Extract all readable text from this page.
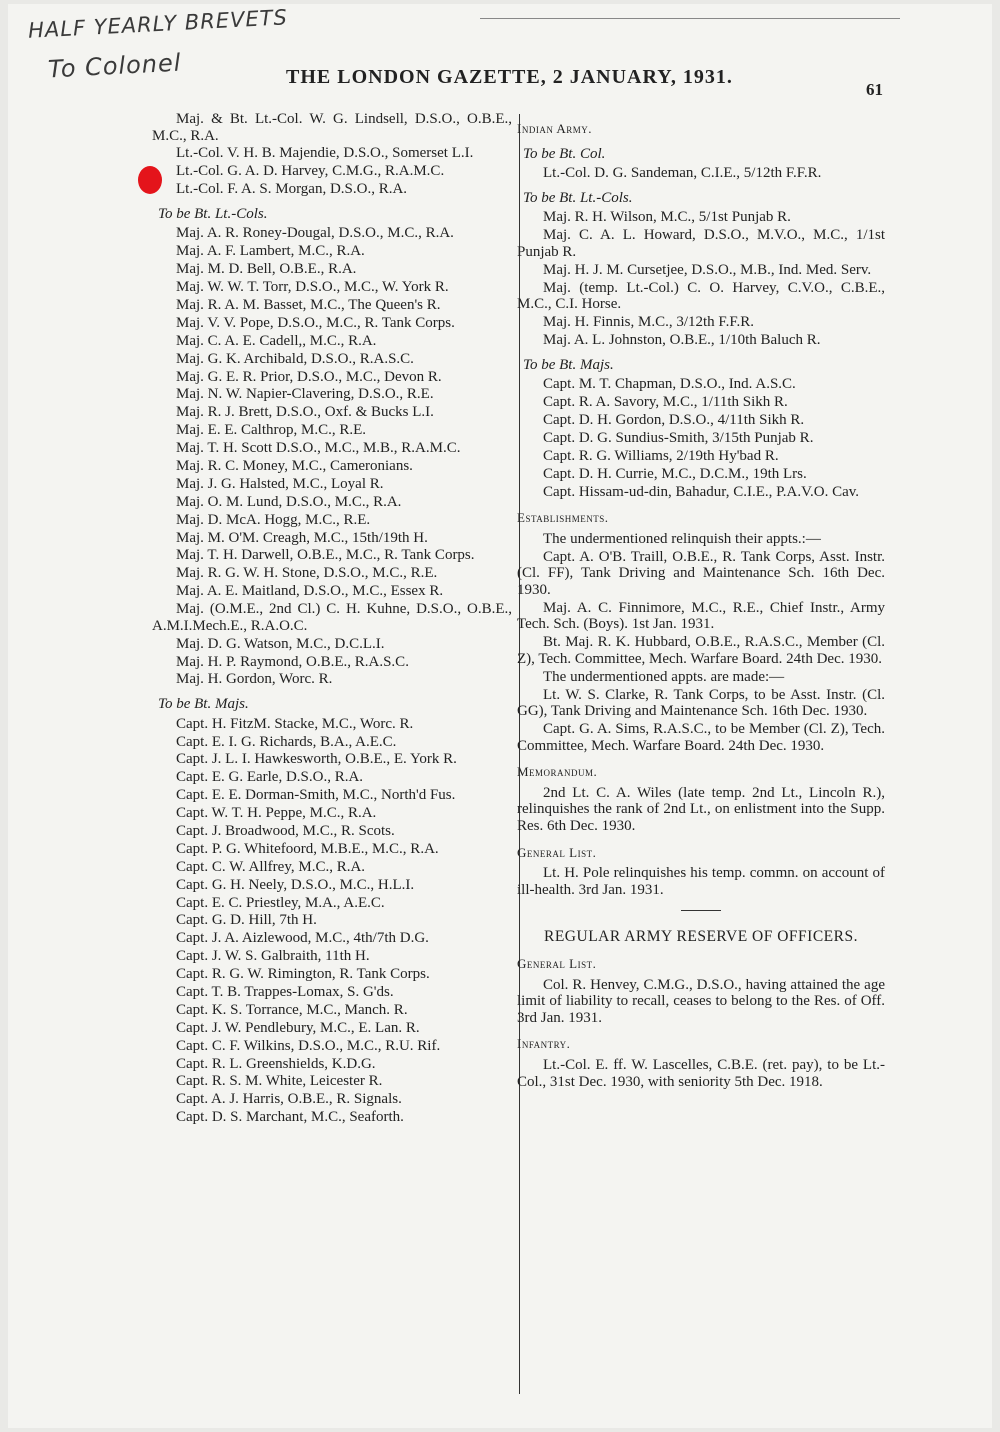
HALF YEARLY BREVETS
To Colonel	THE LONDON GAZETTE, 2 JANUARY, 1931.
61

Maj. & Bt. Lt.-Col. W. G. Lindsell, D.S.O., O.B.E., M.C., R.A.

Lt.-Col. V. H. B. Majendie, D.S.O., Somerset L.I.

Lt.-Col. G. A. D. Harvey, C.M.G., R.A.M.C.

Lt.-Col. F. A. S. Morgan, D.S.O., R.A.

To be Bt. Lt.-Cols.

Maj. A. R. Roney-Dougal, D.S.O., M.C., R.A.

Maj. A. F. Lambert, M.C., R.A.

Maj. M. D. Bell, O.B.E., R.A.

Maj. W. W. T. Torr, D.S.O., M.C., W. York R.

Maj. R. A. M. Basset, M.C., The Queen's R.

Maj. V. V. Pope, D.S.O., M.C., R. Tank Corps.

Maj. C. A. E. Cadell,, M.C., R.A.

Maj. G. K. Archibald, D.S.O., R.A.S.C.

Maj. G. E. R. Prior, D.S.O., M.C., Devon R.

Maj. N. W. Napier-Clavering, D.S.O., R.E.

Maj. R. J. Brett, D.S.O., Oxf. & Bucks L.I.

Maj. E. E. Calthrop, M.C., R.E.

Maj. T. H. Scott D.S.O., M.C., M.B., R.A.M.C.

Maj. R. C. Money, M.C., Cameronians.

Maj. J. G. Halsted, M.C., Loyal R.

Maj. O. M. Lund, D.S.O., M.C., R.A.

Maj. D. McA. Hogg, M.C., R.E.

Maj. M. O'M. Creagh, M.C., 15th/19th H.

Maj. T. H. Darwell, O.B.E., M.C., R. Tank Corps.

Maj. R. G. W. H. Stone, D.S.O., M.C., R.E.

Maj. A. E. Maitland, D.S.O., M.C., Essex R.

Maj. (O.M.E., 2nd Cl.) C. H. Kuhne, D.S.O., O.B.E., A.M.I.Mech.E., R.A.O.C.

Maj. D. G. Watson, M.C., D.C.L.I.

Maj. H. P. Raymond, O.B.E., R.A.S.C.

Maj. H. Gordon, Worc. R.

To be Bt. Majs.

Capt. H. FitzM. Stacke, M.C., Worc. R.

Capt. E. I. G. Richards, B.A., A.E.C.

Capt. J. L. I. Hawkesworth, O.B.E., E. York R.

Capt. E. G. Earle, D.S.O., R.A.

Capt. E. E. Dorman-Smith, M.C., North'd Fus.

Capt. W. T. H. Peppe, M.C., R.A.

Capt. J. Broadwood, M.C., R. Scots.

Capt. P. G. Whitefoord, M.B.E., M.C., R.A.

Capt. C. W. Allfrey, M.C., R.A.

Capt. G. H. Neely, D.S.O., M.C., H.L.I.

Capt. E. C. Priestley, M.A., A.E.C.

Capt. G. D. Hill, 7th H.

Capt. J. A. Aizlewood, M.C., 4th/7th D.G.

Capt. J. W. S. Galbraith, 11th H.

Capt. R. G. W. Rimington, R. Tank Corps.

Capt. T. B. Trappes-Lomax, S. G'ds.

Capt. K. S. Torrance, M.C., Manch. R.

Capt. J. W. Pendlebury, M.C., E. Lan. R.

Capt. C. F. Wilkins, D.S.O., M.C., R.U. Rif.

Capt. R. L. Greenshields, K.D.G.

Capt. R. S. M. White, Leicester R.

Capt. A. J. Harris, O.B.E., R. Signals.

Capt. D. S. Marchant, M.C., Seaforth.

Indian Army.
To be Bt. Col.

Lt.-Col. D. G. Sandeman, C.I.E., 5/12th F.F.R.

To be Bt. Lt.-Cols.

Maj. R. H. Wilson, M.C., 5/1st Punjab R.

Maj. C. A. L. Howard, D.S.O., M.V.O., M.C., 1/1st Punjab R.

Maj. H. J. M. Cursetjee, D.S.O., M.B., Ind. Med. Serv.

Maj. (temp. Lt.-Col.) C. O. Harvey, C.V.O., C.B.E., M.C., C.I. Horse.

Maj. H. Finnis, M.C., 3/12th F.F.R.

Maj. A. L. Johnston, O.B.E., 1/10th Baluch R.

To be Bt. Majs.

Capt. M. T. Chapman, D.S.O., Ind. A.S.C.

Capt. R. A. Savory, M.C., 1/11th Sikh R.

Capt. D. H. Gordon, D.S.O., 4/11th Sikh R.

Capt. D. G. Sundius-Smith, 3/15th Punjab R.

Capt. R. G. Williams, 2/19th Hy'bad R.

Capt. D. H. Currie, M.C., D.C.M., 19th Lrs.

Capt. Hissam-ud-din, Bahadur, C.I.E., P.A.V.O. Cav.

Establishments.

The undermentioned relinquish their appts.:—

Capt. A. O'B. Traill, O.B.E., R. Tank Corps, Asst. Instr. (Cl. FF), Tank Driving and Maintenance Sch. 16th Dec. 1930.

Maj. A. C. Finnimore, M.C., R.E., Chief Instr., Army Tech. Sch. (Boys). 1st Jan. 1931.

Bt. Maj. R. K. Hubbard, O.B.E., R.A.S.C., Member (Cl. Z), Tech. Committee, Mech. Warfare Board. 24th Dec. 1930.

The undermentioned appts. are made:—

Lt. W. S. Clarke, R. Tank Corps, to be Asst. Instr. (Cl. GG), Tank Driving and Maintenance Sch. 16th Dec. 1930.

Capt. G. A. Sims, R.A.S.C., to be Member (Cl. Z), Tech. Committee, Mech. Warfare Board. 24th Dec. 1930.

Memorandum.

2nd Lt. C. A. Wiles (late temp. 2nd Lt., Lincoln R.), relinquishes the rank of 2nd Lt., on enlistment into the Supp. Res. 6th Dec. 1930.

General List.

Lt. H. Pole relinquishes his temp. commn. on account of ill-health. 3rd Jan. 1931.

REGULAR ARMY RESERVE OF OFFICERS.
General List.

Col. R. Henvey, C.M.G., D.S.O., having attained the age limit of liability to recall, ceases to belong to the Res. of Off. 3rd Jan. 1931.

Infantry.

Lt.-Col. E. ff. W. Lascelles, C.B.E. (ret. pay), to be Lt.-Col., 31st Dec. 1930, with seniority 5th Dec. 1918.
